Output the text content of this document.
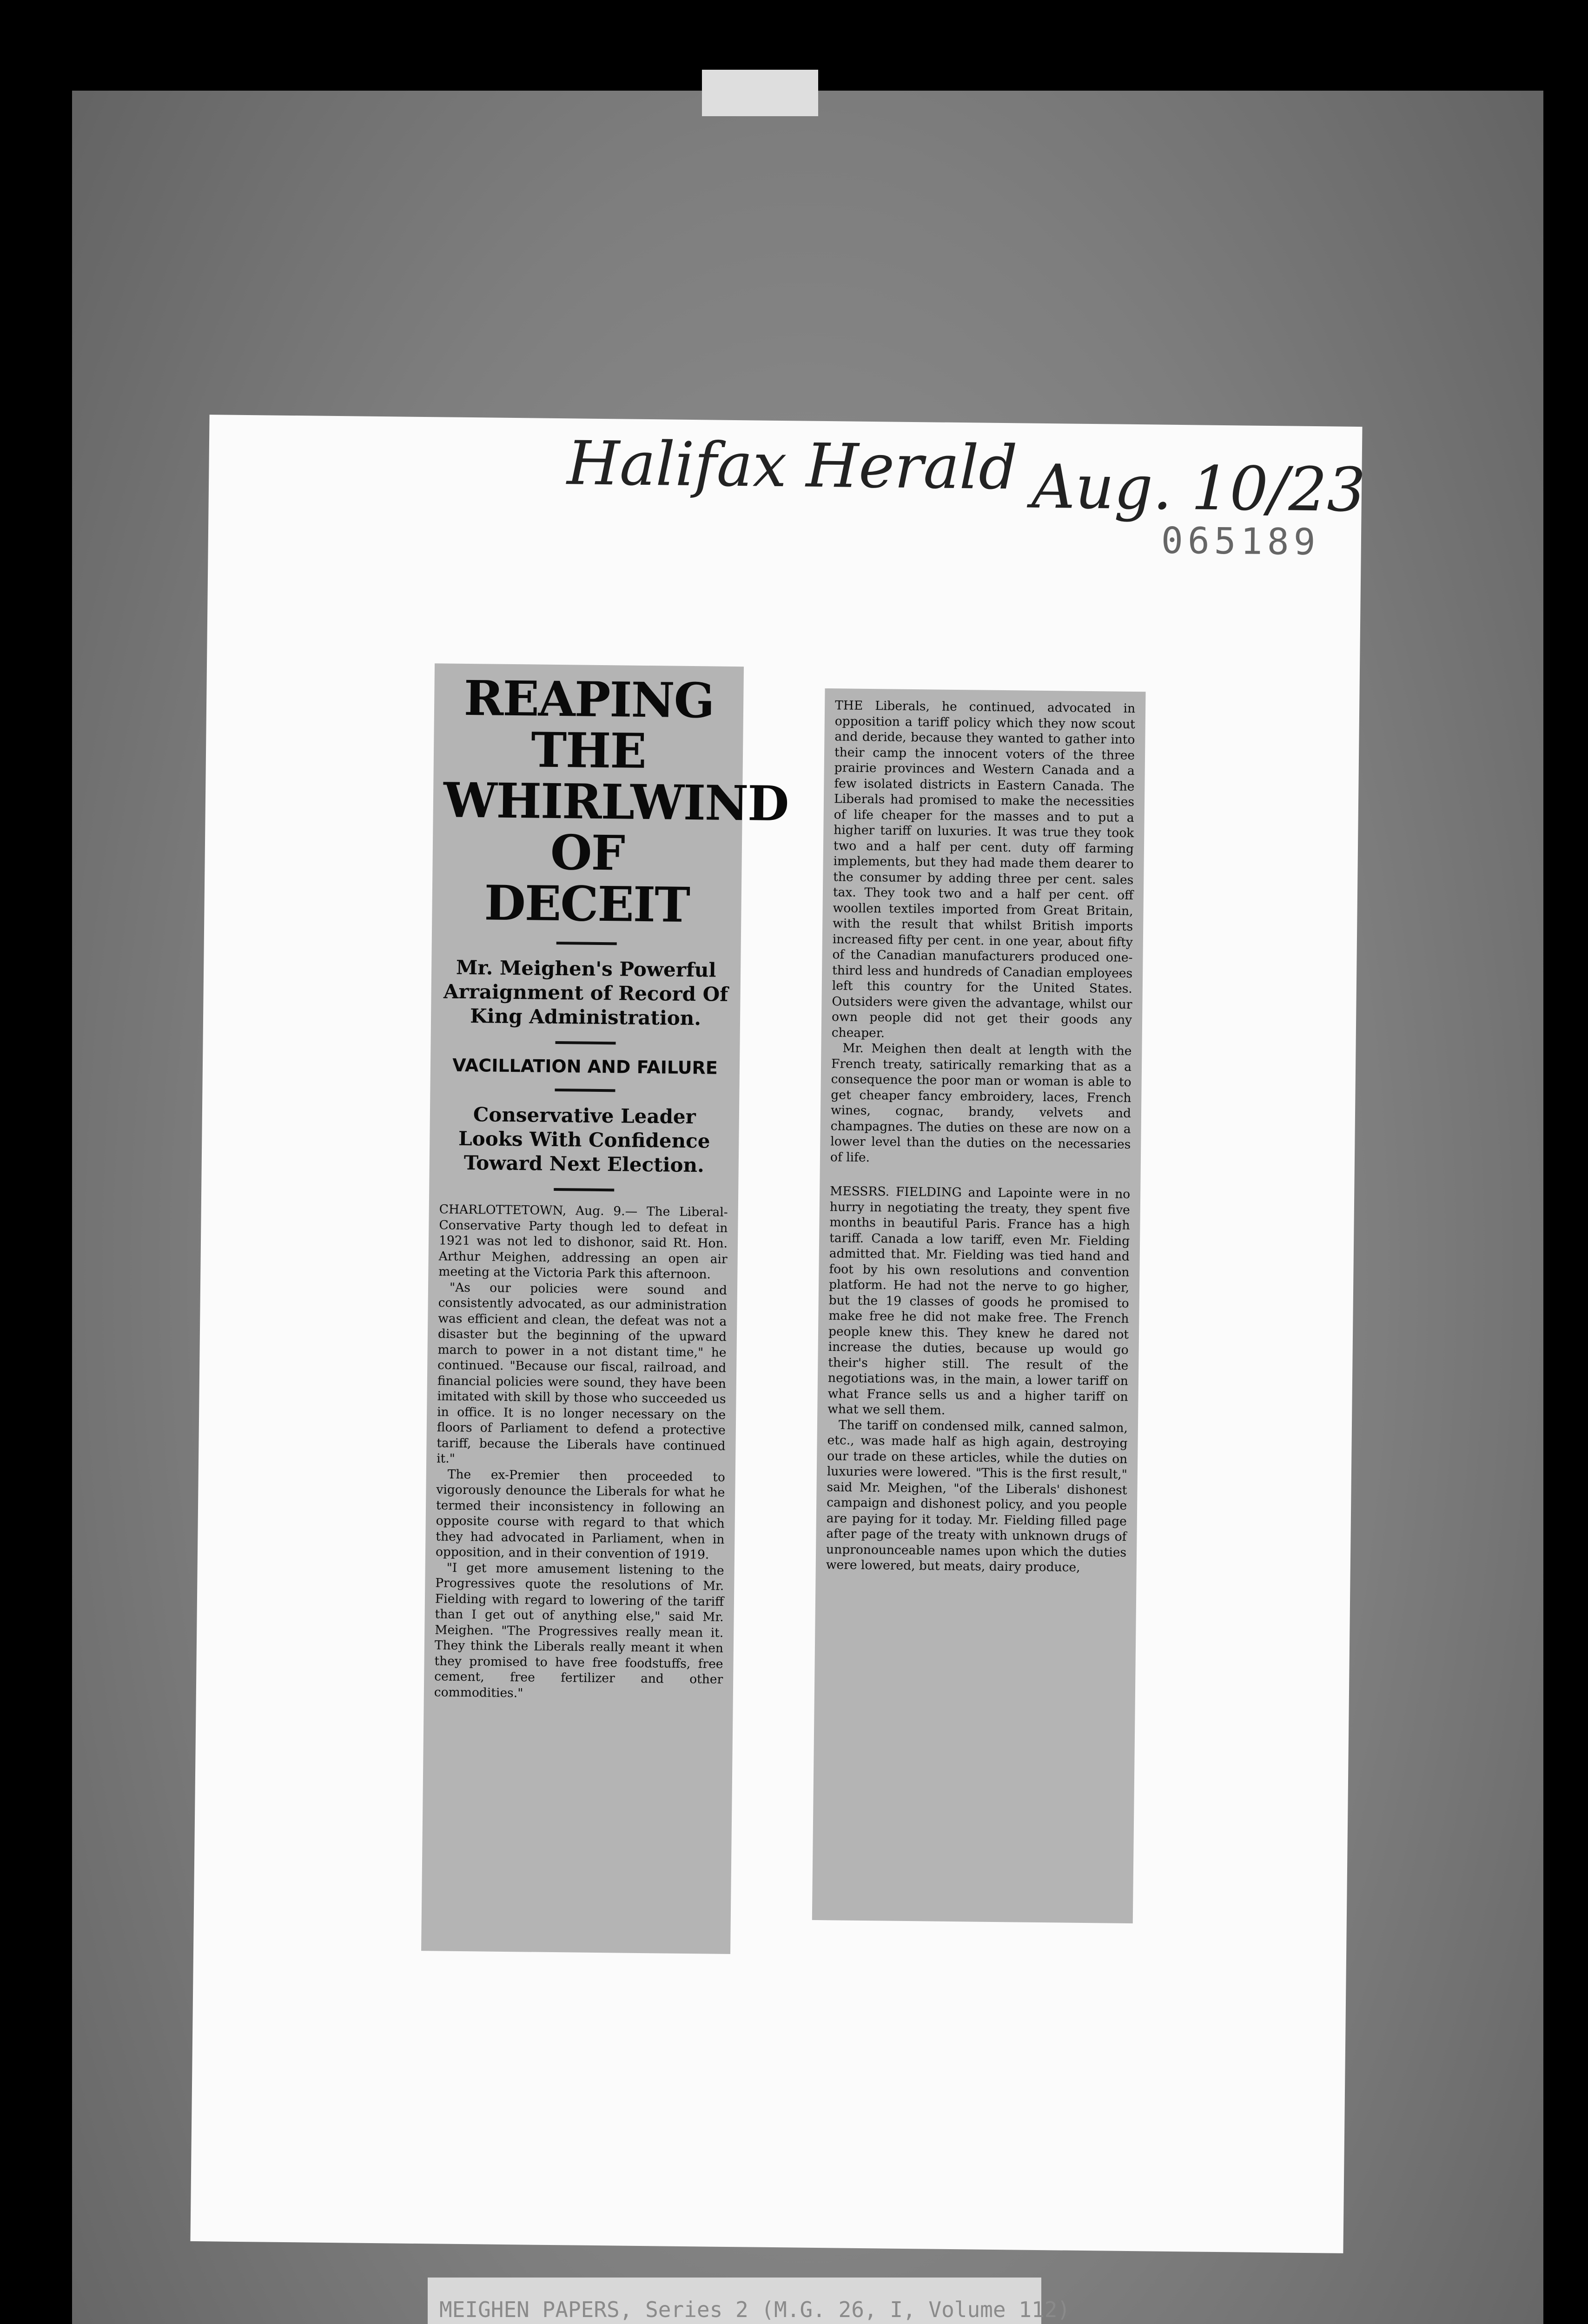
Halifax Herald Aug. 10/23
065189
REAPING THE WHIRLWIND OF DECEIT

Mr. Meighen's Powerful Arraignment of Record Of King Administration.

VACILLATION AND FAILURE

Conservative Leader Looks With Confidence Toward Next Election.

CHARLOTTETOWN, Aug. 9.— The Liberal-Conservative Party though led to defeat in 1921 was not led to dishonor, said Rt. Hon. Arthur Meighen, addressing an open air meeting at the Victoria Park this afternoon.

"As our policies were sound and consistently advocated, as our administration was efficient and clean, the defeat was not a disaster but the beginning of the upward march to power in a not distant time," he continued. "Because our fiscal, railroad, and financial policies were sound, they have been imitated with skill by those who succeeded us in office. It is no longer necessary on the floors of Parliament to defend a protective tariff, because the Liberals have continued it."

The ex-Premier then proceeded to vigorously denounce the Liberals for what he termed their inconsistency in following an opposite course with regard to that which they had advocated in Parliament, when in opposition, and in their convention of 1919.

"I get more amusement listening to the Progressives quote the resolutions of Mr. Fielding with regard to lowering of the tariff than I get out of anything else," said Mr. Meighen. "The Progressives really mean it. They think the Liberals really meant it when they promised to have free foodstuffs, free cement, free fertilizer and other commodities."

THE Liberals, he continued, advocated in opposition a tariff policy which they now scout and deride, because they wanted to gather into their camp the innocent voters of the three prairie provinces and Western Canada and a few isolated districts in Eastern Canada. The Liberals had promised to make the necessities of life cheaper for the masses and to put a higher tariff on luxuries. It was true they took two and a half per cent. duty off farming implements, but they had made them dearer to the consumer by adding three per cent. sales tax. They took two and a half per cent. off woollen textiles imported from Great Britain, with the result that whilst British imports increased fifty per cent. in one year, about fifty of the Canadian manufacturers produced one-third less and hundreds of Canadian employees left this country for the United States. Outsiders were given the advantage, whilst our own people did not get their goods any cheaper.

Mr. Meighen then dealt at length with the French treaty, satirically remarking that as a consequence the poor man or woman is able to get cheaper fancy embroidery, laces, French wines, cognac, brandy, velvets and champagnes. The duties on these are now on a lower level than the duties on the necessaries of life.

MESSRS. FIELDING and Lapointe were in no hurry in negotiating the treaty, they spent five months in beautiful Paris. France has a high tariff. Canada a low tariff, even Mr. Fielding admitted that. Mr. Fielding was tied hand and foot by his own resolutions and convention platform. He had not the nerve to go higher, but the 19 classes of goods he promised to make free he did not make free. The French people knew this. They knew he dared not increase the duties, because up would go their's higher still. The result of the negotiations was, in the main, a lower tariff on what France sells us and a higher tariff on what we sell them.

The tariff on condensed milk, canned salmon, etc., was made half as high again, destroying our trade on these articles, while the duties on luxuries were lowered. "This is the first result," said Mr. Meighen, "of the Liberals' dishonest campaign and dishonest policy, and you people are paying for it today. Mr. Fielding filled page after page of the treaty with unknown drugs of unpronounceable names upon which the duties were lowered, but meats, dairy produce,

MEIGHEN PAPERS, Series 2 (M.G. 26, I, Volume 112)
